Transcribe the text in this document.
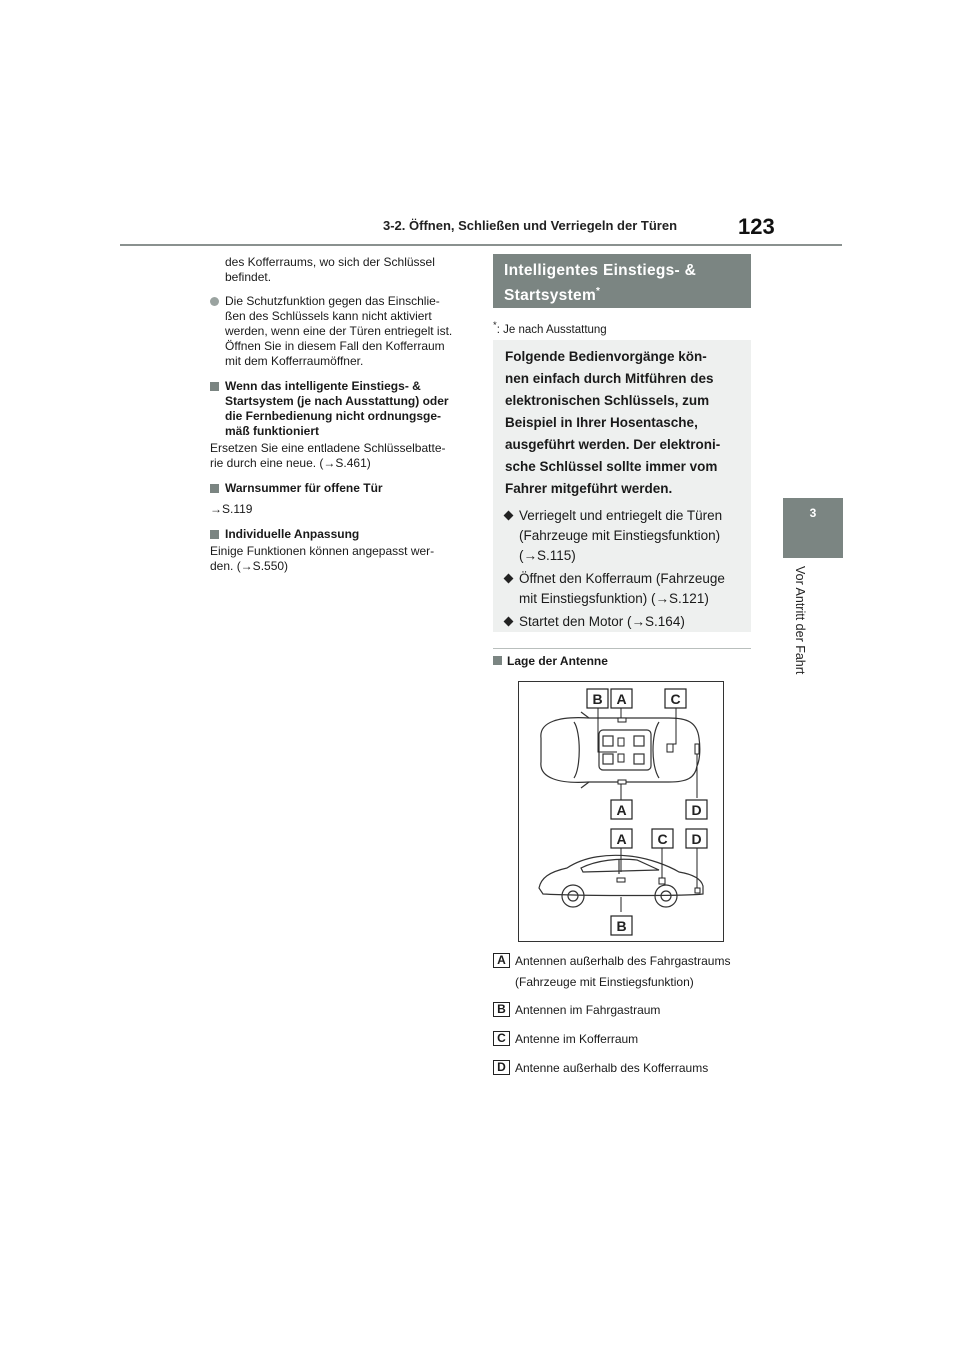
3-2. Öffnen, Schließen und Verriegeln der Türen	123
3
Vor Antritt der Fahrt

des Kofferraums, wo sich der Schlüssel

befindet.

Die Schutzfunktion gegen das Einschlie-

ßen des Schlüssels kann nicht aktiviert

werden, wenn eine der Türen entriegelt ist.

Öffnen Sie in diesem Fall den Kofferraum

mit dem Kofferraumöffner.

Wenn das intelligente Einstiegs- &

Startsystem (je nach Ausstattung) oder

die Fernbedienung nicht ordnungsge-

mäß funktioniert

Ersetzen Sie eine entladene Schlüsselbatte-

rie durch eine neue. (→S.461)

Warnsummer für offene Tür

→S.119

Individuelle Anpassung

Einige Funktionen können angepasst wer-

den. (→S.550)

Intelligentes Einstiegs- &
Startsystem*
*: Je nach Ausstattung
Folgende Bedienvorgänge kön-
nen einfach durch Mitführen des
elektronischen Schlüssels, zum
Beispiel in Ihrer Hosentasche,
ausgeführt werden. Der elektroni-
sche Schlüssel sollte immer vom
Fahrer mitgeführt werden.
Verriegelt und entriegelt die Türen
(Fahrzeuge mit Einstiegsfunktion)
(→S.115)
Öffnet den Kofferraum (Fahrzeuge
mit Einstiegsfunktion) (→S.121)
Startet den Motor (→S.164)
Lage der Antenne
B A	C
A	D
A C D
B
A Antennen außerhalb des Fahrgastraums
(Fahrzeuge mit Einstiegsfunktion)
B Antennen im Fahrgastraum
C Antenne im Kofferraum
D Antenne außerhalb des Kofferraums
